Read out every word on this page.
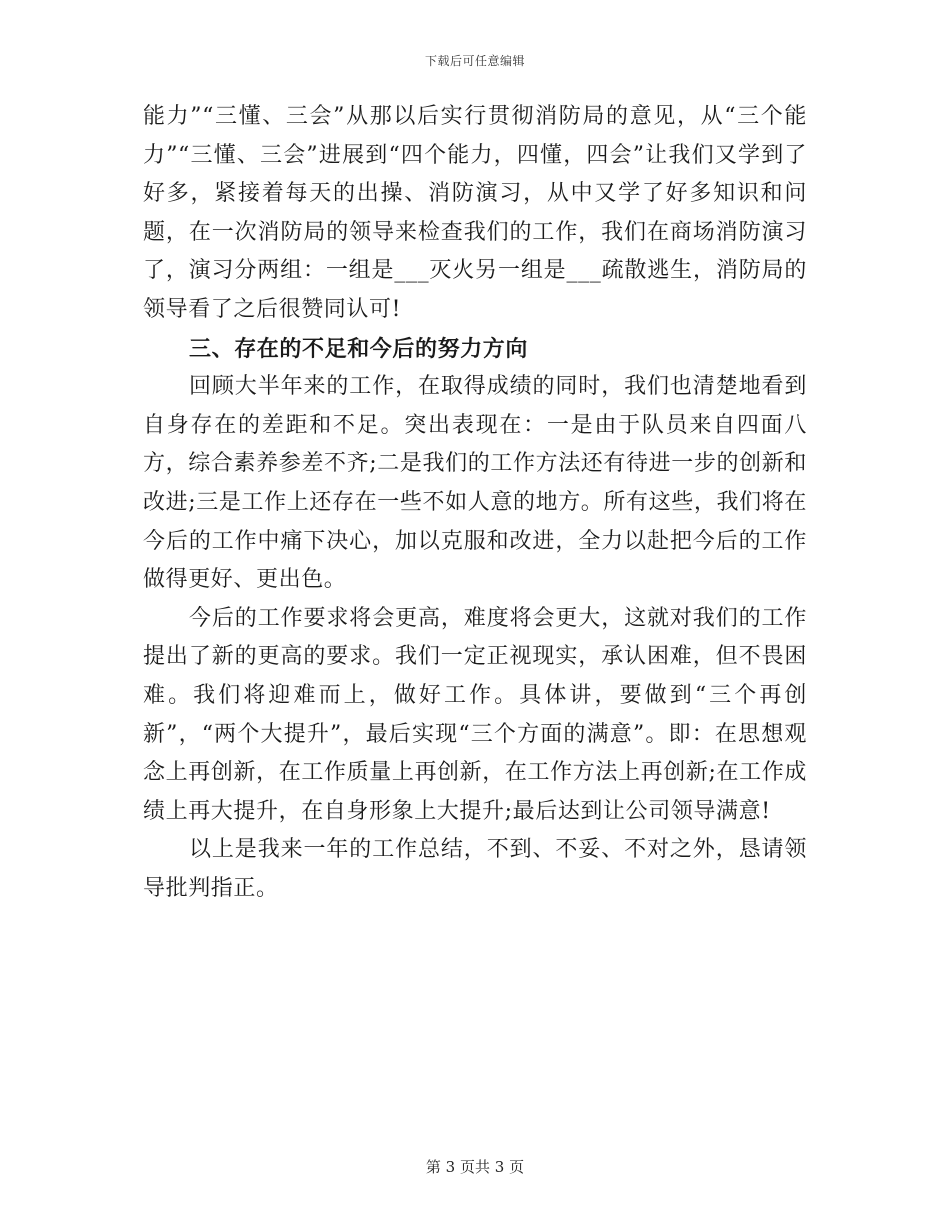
下载后可任意编辑

能力”“三懂、三会”从那以后实行贯彻消防局的意见，从“三个能力”“三懂、三会”进展到“四个能力，四懂，四会”让我们又学到了好多，紧接着每天的出操、消防演习，从中又学了好多知识和问题，在一次消防局的领导来检查我们的工作，我们在商场消防演习了，演习分两组：一组是___灭火另一组是___疏散逃生，消防局的领导看了之后很赞同认可!

三、存在的不足和今后的努力方向

回顾大半年来的工作，在取得成绩的同时，我们也清楚地看到自身存在的差距和不足。突出表现在：一是由于队员来自四面八方，综合素养参差不齐;二是我们的工作方法还有待进一步的创新和改进;三是工作上还存在一些不如人意的地方。所有这些，我们将在今后的工作中痛下决心，加以克服和改进，全力以赴把今后的工作做得更好、更出色。

今后的工作要求将会更高，难度将会更大，这就对我们的工作提出了新的更高的要求。我们一定正视现实，承认困难，但不畏困难。我们将迎难而上，做好工作。具体讲，要做到“三个再创新”，“两个大提升”，最后实现“三个方面的满意”。即：在思想观念上再创新，在工作质量上再创新，在工作方法上再创新;在工作成绩上再大提升，在自身形象上大提升;最后达到让公司领导满意!

以上是我来一年的工作总结，不到、不妥、不对之外，恳请领导批判指正。

第 3 页共 3 页
